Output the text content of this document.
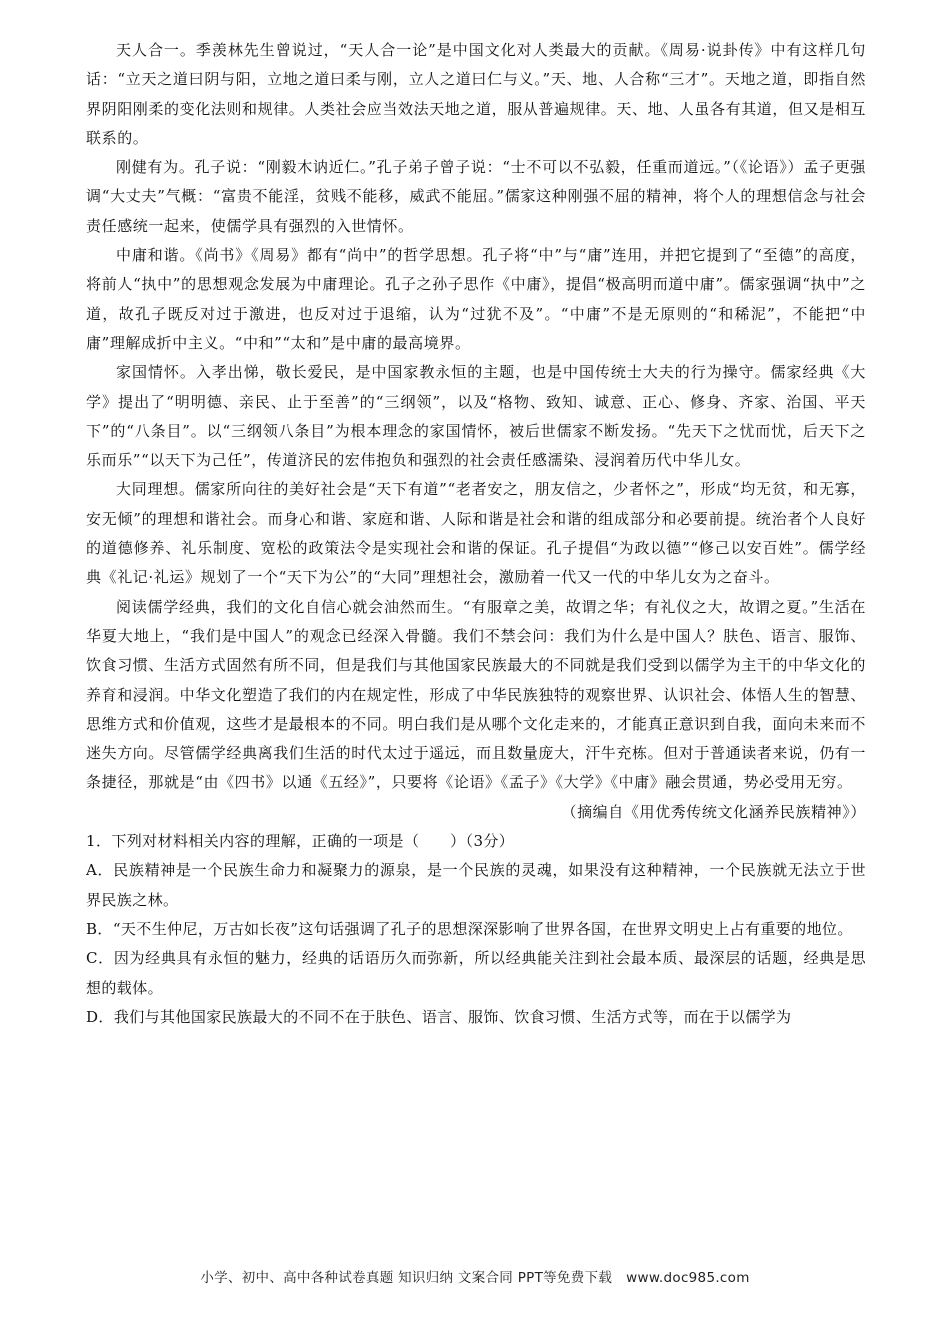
天人合一。季羡林先生曾说过，“天人合一论”是中国文化对人类最大的贡献。《周易·说卦传》中有这样几句话：“立天之道曰阴与阳，立地之道曰柔与刚，立人之道曰仁与义。”天、地、人合称“三才”。天地之道，即指自然界阴阳刚柔的变化法则和规律。人类社会应当效法天地之道，服从普遍规律。天、地、人虽各有其道，但又是相互联系的。

刚健有为。孔子说：“刚毅木讷近仁。”孔子弟子曾子说：“士不可以不弘毅，任重而道远。”（《论语》）孟子更强调“大丈夫”气概：“富贵不能淫，贫贱不能移，威武不能屈。”儒家这种刚强不屈的精神，将个人的理想信念与社会责任感统一起来，使儒学具有强烈的入世情怀。

中庸和谐。《尚书》《周易》都有“尚中”的哲学思想。孔子将“中”与“庸”连用，并把它提到了“至德”的高度，将前人“执中”的思想观念发展为中庸理论。孔子之孙子思作《中庸》，提倡“极高明而道中庸”。儒家强调“执中”之道，故孔子既反对过于激进，也反对过于退缩，认为“过犹不及”。“中庸”不是无原则的“和稀泥”，不能把“中庸”理解成折中主义。“中和”“太和”是中庸的最高境界。

家国情怀。入孝出悌，敬长爱民，是中国家教永恒的主题，也是中国传统士大夫的行为操守。儒家经典《大学》提出了“明明德、亲民、止于至善”的“三纲领”，以及“格物、致知、诚意、正心、修身、齐家、治国、平天下”的“八条目”。以“三纲领八条目”为根本理念的家国情怀，被后世儒家不断发扬。“先天下之忧而忧，后天下之乐而乐”“以天下为己任”，传道济民的宏伟抱负和强烈的社会责任感濡染、浸润着历代中华儿女。

大同理想。儒家所向往的美好社会是“天下有道”“老者安之，朋友信之，少者怀之”，形成“均无贫，和无寡，安无倾”的理想和谐社会。而身心和谐、家庭和谐、人际和谐是社会和谐的组成部分和必要前提。统治者个人良好的道德修养、礼乐制度、宽松的政策法令是实现社会和谐的保证。孔子提倡“为政以德”“修己以安百姓”。儒学经典《礼记·礼运》规划了一个“天下为公”的“大同”理想社会，激励着一代又一代的中华儿女为之奋斗。

阅读儒学经典，我们的文化自信心就会油然而生。“有服章之美，故谓之华；有礼仪之大，故谓之夏。”生活在华夏大地上，“我们是中国人”的观念已经深入骨髓。我们不禁会问：我们为什么是中国人？肤色、语言、服饰、饮食习惯、生活方式固然有所不同，但是我们与其他国家民族最大的不同就是我们受到以儒学为主干的中华文化的养育和浸润。中华文化塑造了我们的内在规定性，形成了中华民族独特的观察世界、认识社会、体悟人生的智慧、思维方式和价值观，这些才是最根本的不同。明白我们是从哪个文化走来的，才能真正意识到自我，面向未来而不迷失方向。尽管儒学经典离我们生活的时代太过于遥远，而且数量庞大，汗牛充栋。但对于普通读者来说，仍有一条捷径，那就是“由《四书》以通《五经》”，只要将《论语》《孟子》《大学》《中庸》融会贯通，势必受用无穷。

（摘编自《用优秀传统文化涵养民族精神》）

1．下列对材料相关内容的理解，正确的一项是（　　）（3分）

A．民族精神是一个民族生命力和凝聚力的源泉，是一个民族的灵魂，如果没有这种精神，一个民族就无法立于世界民族之林。

B．“天不生仲尼，万古如长夜”这句话强调了孔子的思想深深影响了世界各国，在世界文明史上占有重要的地位。

C．因为经典具有永恒的魅力，经典的话语历久而弥新，所以经典能关注到社会最本质、最深层的话题，经典是思想的载体。

D．我们与其他国家民族最大的不同不在于肤色、语言、服饰、饮食习惯、生活方式等，而在于以儒学为

小学、初中、高中各种试卷真题 知识归纳 文案合同 PPT等免费下载 www.doc985.com
